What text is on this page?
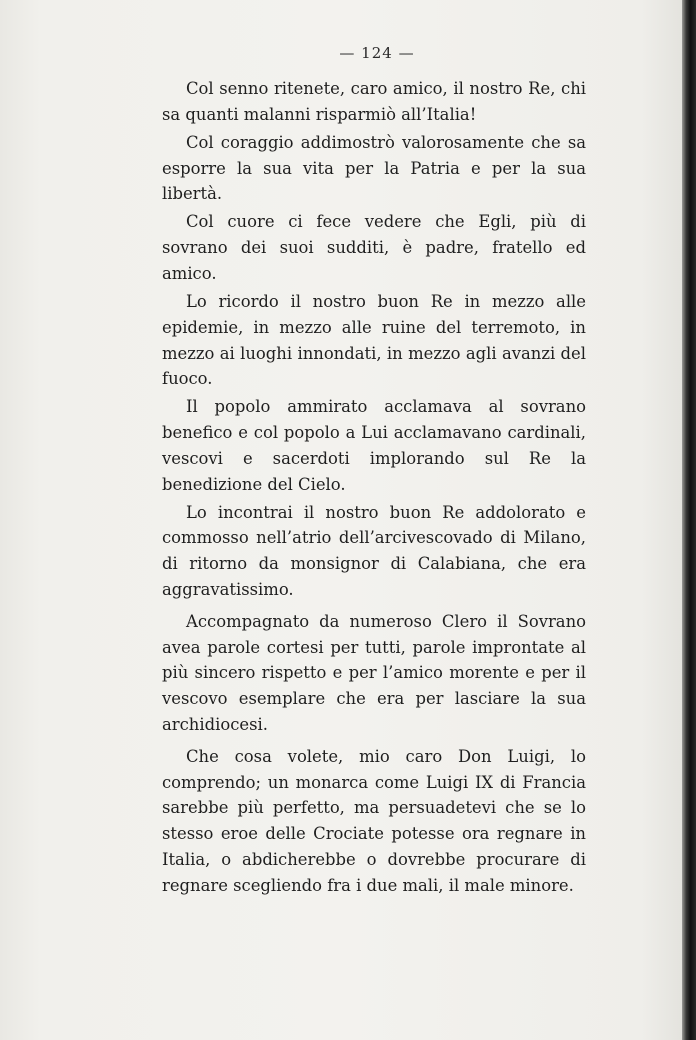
— 124 —

Col senno ritenete, caro amico, il nostro Re, chi sa quanti malanni risparmiò all’Italia!

Col coraggio addimostrò valorosamente che sa esporre la sua vita per la Patria e per la sua libertà.

Col cuore ci fece vedere che Egli, più di sovrano dei suoi sudditi, è padre, fratello ed amico.

Lo ricordo il nostro buon Re in mezzo alle epidemie, in mezzo alle ruine del terremoto, in mezzo ai luoghi innondati, in mezzo agli avanzi del fuoco.

Il popolo ammirato acclamava al sovrano benefico e col popolo a Lui acclamavano cardinali, vescovi e sacerdoti implorando sul Re la benedizione del Cielo.

Lo incontrai il nostro buon Re addolorato e commosso nell’atrio dell’arcivescovado di Milano, di ritorno da monsignor di Calabiana, che era aggravatissimo.

Accompagnato da numeroso Clero il Sovrano avea parole cortesi per tutti, parole improntate al più sincero rispetto e per l’amico morente e per il vescovo esemplare che era per lasciare la sua archidiocesi.

Che cosa volete, mio caro Don Luigi, lo comprendo; un monarca come Luigi IX di Francia sarebbe più perfetto, ma persuadetevi che se lo stesso eroe delle Crociate potesse ora regnare in Italia, o abdicherebbe o dovrebbe procurare di regnare scegliendo fra i due mali, il male minore.
